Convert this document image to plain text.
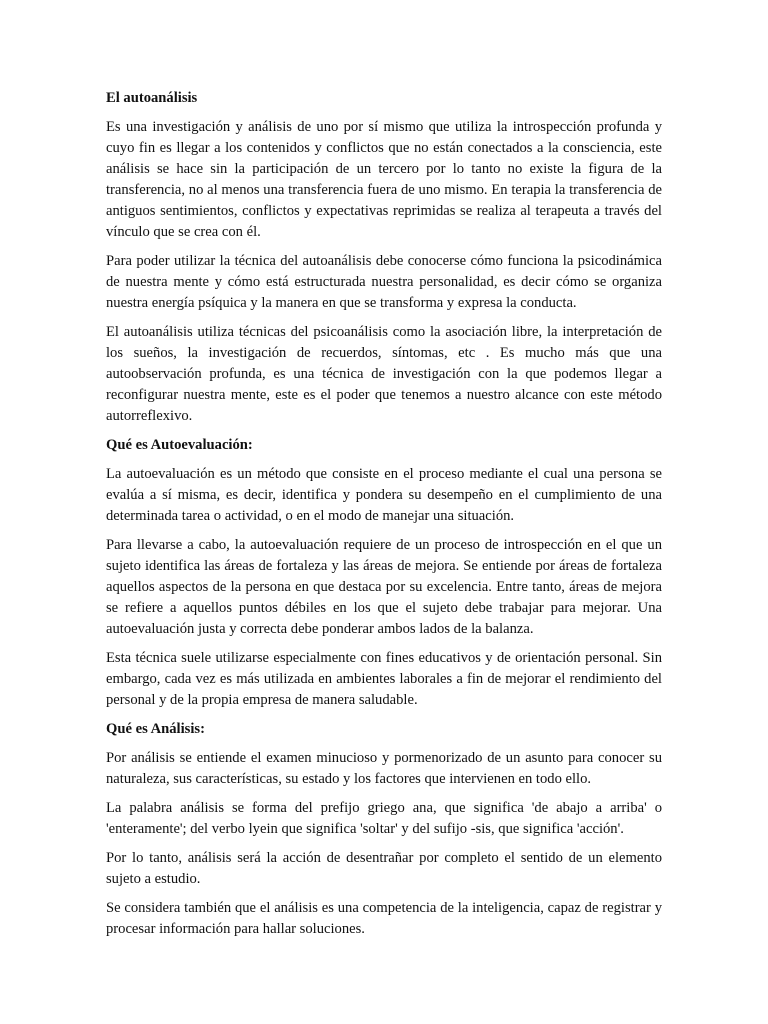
El autoanálisis

Es una investigación y análisis de uno por sí mismo que utiliza la introspección profunda y cuyo fin es llegar a los contenidos y conflictos que no están conectados a la consciencia, este análisis se hace sin la participación de un tercero por lo tanto no existe la figura de la transferencia, no al menos una transferencia fuera de uno mismo. En terapia la transferencia de antiguos sentimientos, conflictos y expectativas reprimidas se realiza al terapeuta a través del vínculo que se crea con él.

Para poder utilizar la técnica del autoanálisis debe conocerse cómo funciona la psicodinámica de nuestra mente y cómo está estructurada nuestra personalidad, es decir cómo se organiza nuestra energía psíquica y la manera en que se transforma y expresa la conducta.

El autoanálisis utiliza técnicas del psicoanálisis como la asociación libre, la interpretación de los sueños, la investigación de recuerdos, síntomas, etc . Es mucho más que una autoobservación profunda, es una técnica de investigación con la que podemos llegar a reconfigurar nuestra mente, este es el poder que tenemos a nuestro alcance con este método autorreflexivo.

Qué es Autoevaluación:

La autoevaluación es un método que consiste en el proceso mediante el cual una persona se evalúa a sí misma, es decir, identifica y pondera su desempeño en el cumplimiento de una determinada tarea o actividad, o en el modo de manejar una situación.

Para llevarse a cabo, la autoevaluación requiere de un proceso de introspección en el que un sujeto identifica las áreas de fortaleza y las áreas de mejora. Se entiende por áreas de fortaleza aquellos aspectos de la persona en que destaca por su excelencia. Entre tanto, áreas de mejora se refiere a aquellos puntos débiles en los que el sujeto debe trabajar para mejorar. Una autoevaluación justa y correcta debe ponderar ambos lados de la balanza.

Esta técnica suele utilizarse especialmente con fines educativos y de orientación personal. Sin embargo, cada vez es más utilizada en ambientes laborales a fin de mejorar el rendimiento del personal y de la propia empresa de manera saludable.

Qué es Análisis:

Por análisis se entiende el examen minucioso y pormenorizado de un asunto para conocer su naturaleza, sus características, su estado y los factores que intervienen en todo ello.

La palabra análisis se forma del prefijo griego ana, que significa 'de abajo a arriba' o 'enteramente'; del verbo lyein que significa 'soltar' y del sufijo -sis, que significa 'acción'.

Por lo tanto, análisis será la acción de desentrañar por completo el sentido de un elemento sujeto a estudio.

Se considera también que el análisis es una competencia de la inteligencia, capaz de registrar y procesar información para hallar soluciones.
